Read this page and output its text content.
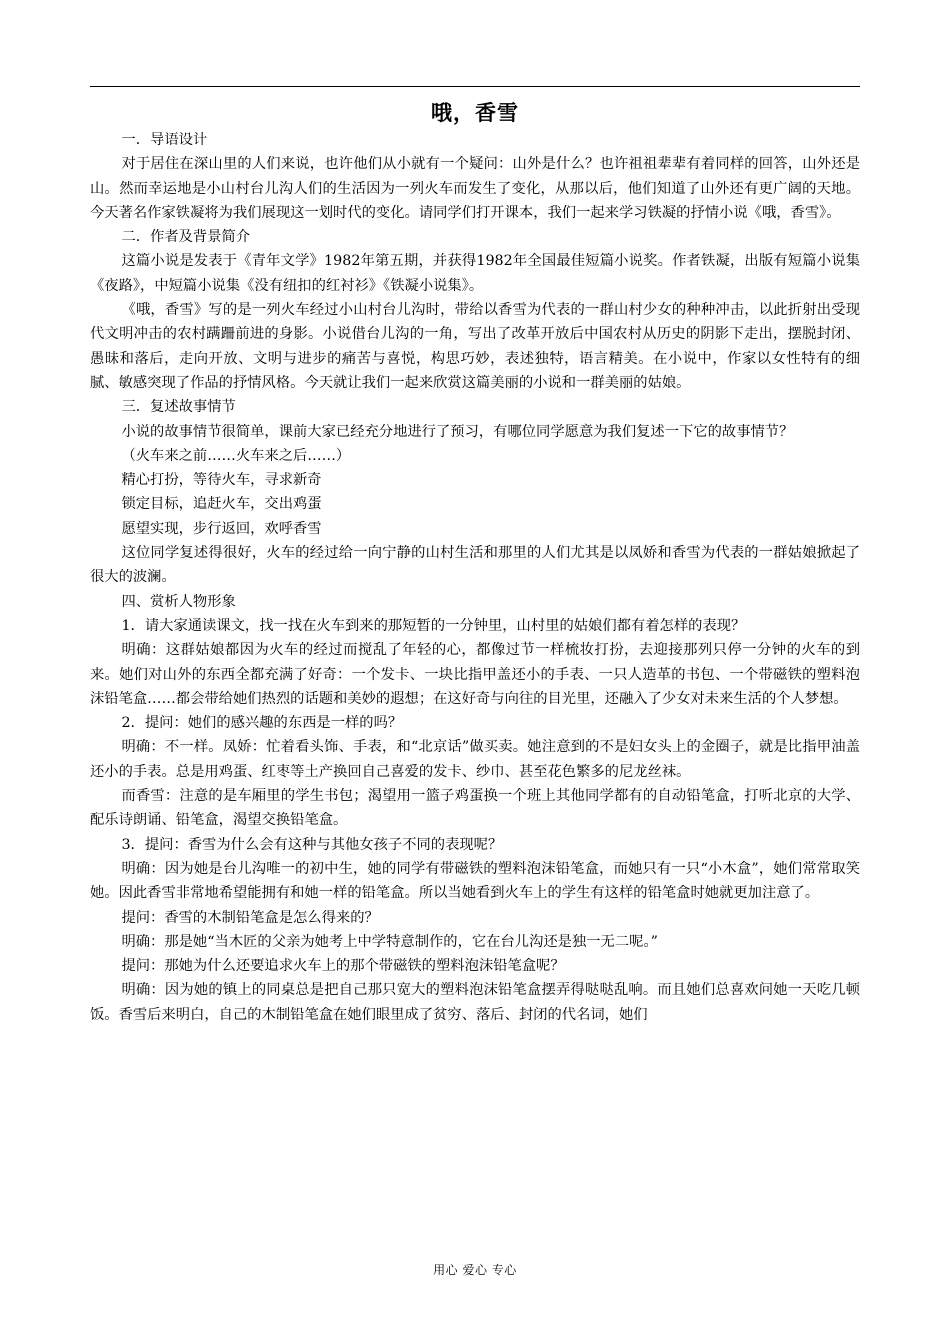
哦，香雪

一．导语设计

对于居住在深山里的人们来说，也许他们从小就有一个疑问：山外是什么？也许祖祖辈辈有着同样的回答，山外还是山。然而幸运地是小山村台儿沟人们的生活因为一列火车而发生了变化，从那以后，他们知道了山外还有更广阔的天地。今天著名作家铁凝将为我们展现这一划时代的变化。请同学们打开课本，我们一起来学习铁凝的抒情小说《哦，香雪》。

二．作者及背景简介

这篇小说是发表于《青年文学》1982年第五期，并获得1982年全国最佳短篇小说奖。作者铁凝，出版有短篇小说集《夜路》，中短篇小说集《没有纽扣的红衬衫》《铁凝小说集》。

《哦，香雪》写的是一列火车经过小山村台儿沟时，带给以香雪为代表的一群山村少女的种种冲击，以此折射出受现代文明冲击的农村蹒跚前进的身影。小说借台儿沟的一角，写出了改革开放后中国农村从历史的阴影下走出，摆脱封闭、愚昧和落后，走向开放、文明与进步的痛苦与喜悦，构思巧妙，表述独特，语言精美。在小说中，作家以女性特有的细腻、敏感突现了作品的抒情风格。今天就让我们一起来欣赏这篇美丽的小说和一群美丽的姑娘。

三．复述故事情节

小说的故事情节很简单，课前大家已经充分地进行了预习，有哪位同学愿意为我们复述一下它的故事情节？

（火车来之前……火车来之后……）

精心打扮，等待火车，寻求新奇

锁定目标，追赶火车，交出鸡蛋

愿望实现，步行返回，欢呼香雪

这位同学复述得很好，火车的经过给一向宁静的山村生活和那里的人们尤其是以凤娇和香雪为代表的一群姑娘掀起了很大的波澜。

四、赏析人物形象

1．请大家通读课文，找一找在火车到来的那短暂的一分钟里，山村里的姑娘们都有着怎样的表现？

明确：这群姑娘都因为火车的经过而搅乱了年轻的心，都像过节一样梳妆打扮，去迎接那列只停一分钟的火车的到来。她们对山外的东西全都充满了好奇：一个发卡、一块比指甲盖还小的手表、一只人造革的书包、一个带磁铁的塑料泡沫铅笔盒……都会带给她们热烈的话题和美妙的遐想；在这好奇与向往的目光里，还融入了少女对未来生活的个人梦想。

2．提问：她们的感兴趣的东西是一样的吗？

明确：不一样。凤娇：忙着看头饰、手表，和“北京话”做买卖。她注意到的不是妇女头上的金圈子，就是比指甲油盖还小的手表。总是用鸡蛋、红枣等土产换回自己喜爱的发卡、纱巾、甚至花色繁多的尼龙丝袜。

而香雪：注意的是车厢里的学生书包；渴望用一篮子鸡蛋换一个班上其他同学都有的自动铅笔盒，打听北京的大学、配乐诗朗诵、铅笔盒，渴望交换铅笔盒。

3．提问：香雪为什么会有这种与其他女孩子不同的表现呢？

明确：因为她是台儿沟唯一的初中生，她的同学有带磁铁的塑料泡沫铅笔盒，而她只有一只“小木盒”，她们常常取笑她。因此香雪非常地希望能拥有和她一样的铅笔盒。所以当她看到火车上的学生有这样的铅笔盒时她就更加注意了。

提问：香雪的木制铅笔盒是怎么得来的？

明确：那是她“当木匠的父亲为她考上中学特意制作的，它在台儿沟还是独一无二呢。”

提问：那她为什么还要追求火车上的那个带磁铁的塑料泡沫铅笔盒呢？

明确：因为她的镇上的同桌总是把自己那只宽大的塑料泡沫铅笔盒摆弄得哒哒乱响。而且她们总喜欢问她一天吃几顿饭。香雪后来明白，自己的木制铅笔盒在她们眼里成了贫穷、落后、封闭的代名词，她们

用心 爱心 专心
